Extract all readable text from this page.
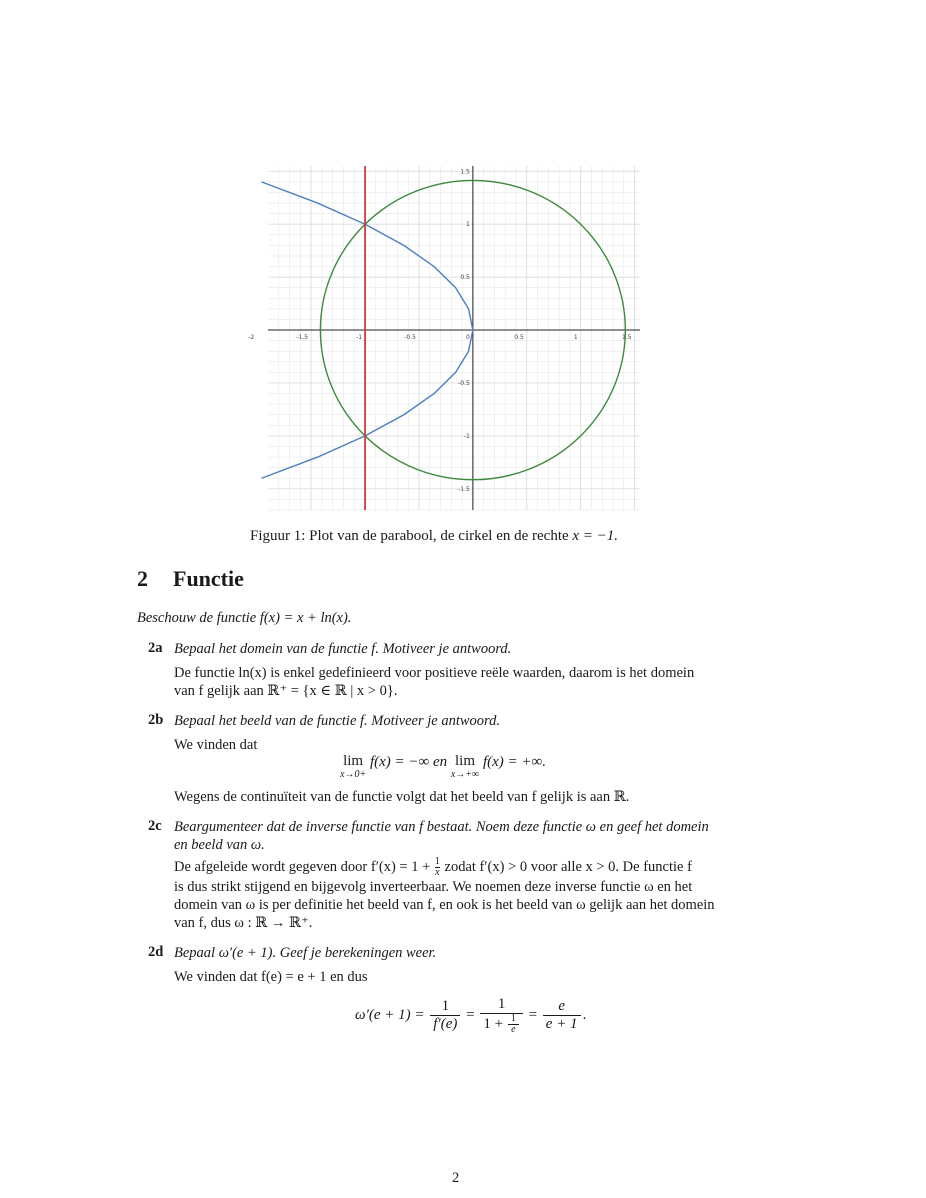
-2	-1.5	-1	-0.5	0	0.5	1	1.5
1.5
1
0.5
-0.5
-1
-1.5
Figuur 1: Plot van de parabool, de cirkel en de rechte x = −1.
2 Functie
Beschouw de functie f(x) = x + ln(x).
2a Bepaal het domein van de functie f. Motiveer je antwoord.
De functie ln(x) is enkel gedefinieerd voor positieve reële waarden, daarom is het domein
van f gelijk aan ℝ⁺ = {x ∈ ℝ | x > 0}.
2b Bepaal het beeld van de functie f. Motiveer je antwoord.
We vinden dat
lim
x→0+
f(x) = −∞ en lim
x→+∞
f(x) = +∞.
Wegens de continuïteit van de functie volgt dat het beeld van f gelijk is aan ℝ.
2c Beargumenteer dat de inverse functie van f bestaat. Noem deze functie ω en geef het domein
en beeld van ω.
De afgeleide wordt gegeven door $f'(x) = 1 + \frac{1}{x}$ zodat f′(x) > 0 voor alle x > 0. De functie f
is dus strikt stijgend en bijgevolg inverteerbaar. We noemen deze inverse functie ω en het
domein van ω is per definitie het beeld van f, en ook is het beeld van ω gelijk aan het domein
van f, dus ω : ℝ → ℝ⁺.
2d Bepaal ω′(e + 1). Geef je berekeningen weer.
We vinden dat f(e) = e + 1 en dus
$\omega'(e + 1) = \frac{1}{f'(e)} = \frac{1}{1 + \frac{1}{e}} = \frac{e}{e + 1}$ .
2
